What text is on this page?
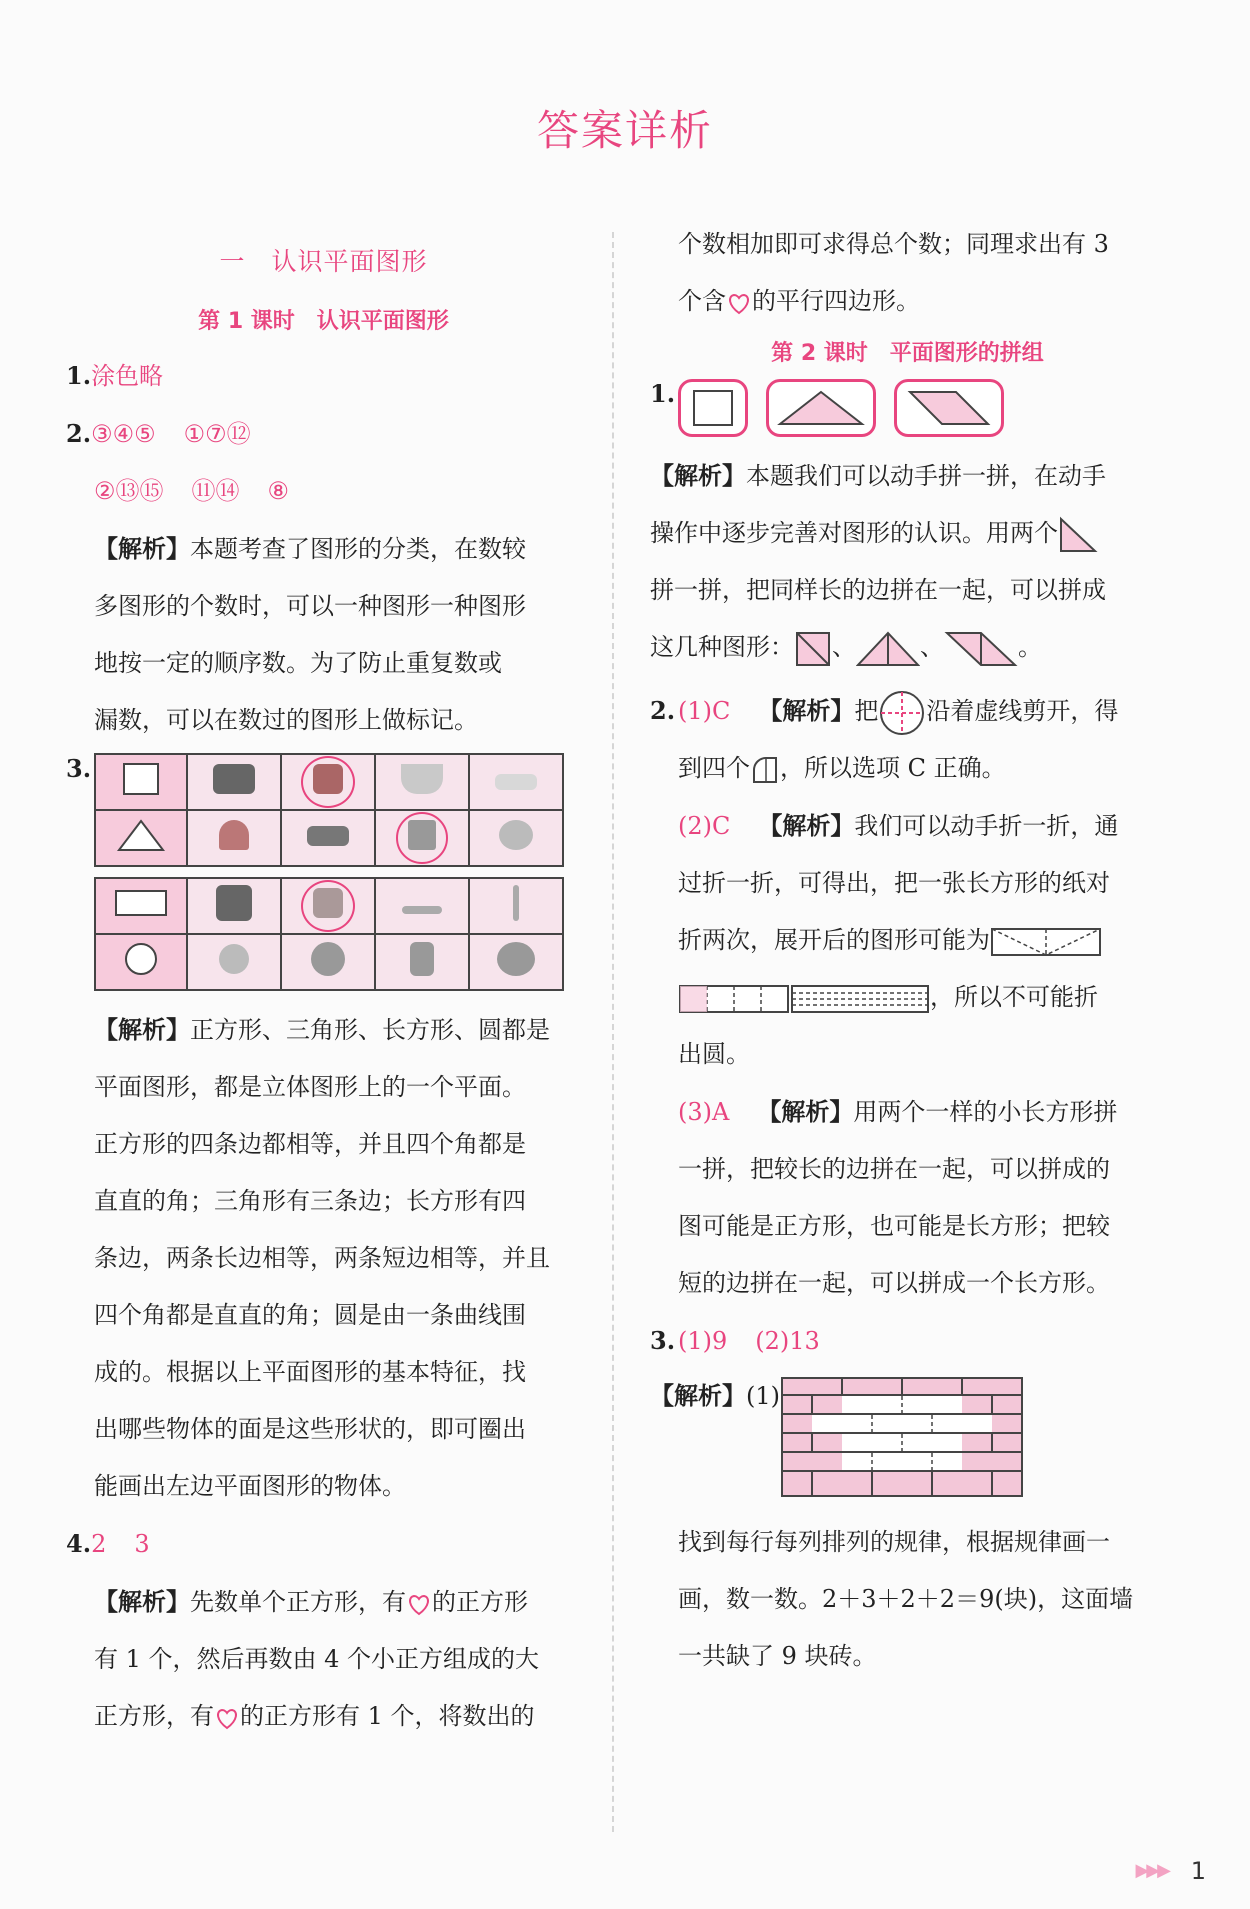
答案详析
一　认识平面图形
第 1 课时　认识平面图形

1.涂色略

2.③④⑤ ①⑦⑫

②⑬⑮ ⑪⑭ ⑧

【解析】本题考查了图形的分类，在数较

多图形的个数时，可以一种图形一种图形

地按一定的顺序数。为了防止重复数或

漏数，可以在数过的图形上做标记。

3.

【解析】正方形、三角形、长方形、圆都是

平面图形，都是立体图形上的一个平面。

正方形的四条边都相等，并且四个角都是

直直的角；三角形有三条边；长方形有四

条边，两条长边相等，两条短边相等，并且

四个角都是直直的角；圆是由一条曲线围

成的。根据以上平面图形的基本特征，找

出哪些物体的面是这些形状的，即可圈出

能画出左边平面图形的物体。

4.2 3

【解析】先数单个正方形，有 的正方形

有 1 个，然后再数由 4 个小正方组成的大

正方形，有 的正方形有 1 个，将数出的

个数相加即可求得总个数；同理求出有 3

个含 的平行四边形。

第 2 课时　平面图形的拼组
1.

【解析】本题我们可以动手拼一拼，在动手

操作中逐步完善对图形的认识。用两个

拼一拼，把同样长的边拼在一起，可以拼成

这几种图形： 、	、	。

2. (1)C 【解析】把 沿着虚线剪开，得

到四个 ，所以选项 C 正确。

(2)C 【解析】我们可以动手折一折，通

过折一折，可得出，把一张长方形的纸对

折两次，展开后的图形可能为

，所以不可能折

出圆。

(3)A 【解析】用两个一样的小长方形拼

一拼，把较长的边拼在一起，可以拼成的

图可能是正方形，也可能是长方形；把较

短的边拼在一起，可以拼成一个长方形。

3. (1)9 (2)13

【解析】(1)

找到每行每列排列的规律，根据规律画一

画，数一数。2＋3＋2＋2＝9(块)，这面墙

一共缺了 9 块砖。

▶▶▶ 1
